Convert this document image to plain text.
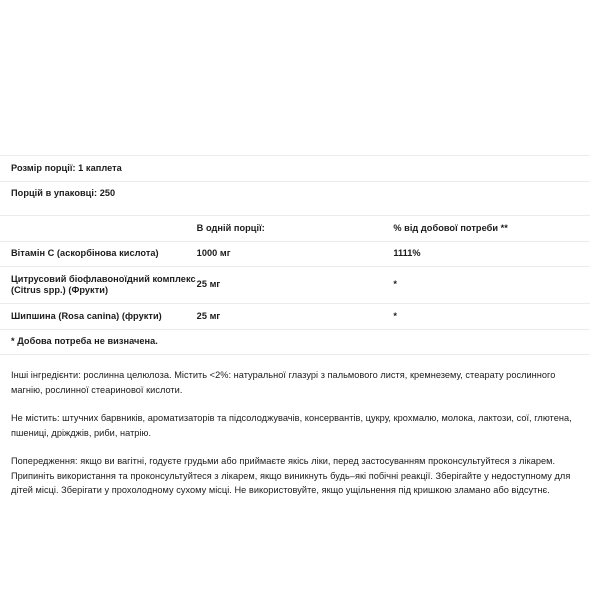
Розмір порції: 1 каплета		
Порцій в упаковці: 250		

	В одній порції:	% від добової потреби **
Вітамін С (аскорбінова кислота)	1000 мг	1111%
Цитрусовий біофлавоноїдний комплекс (Citrus spp.) (Фрукти)	25 мг	*
Шипшина (Rosa canina) (фрукти)	25 мг	*
* Добова потреба не визначена.		

Інші інгредієнти: рослинна целюлоза. Містить <2%: натуральної глазурі з пальмового листя, кремнезему, стеарату рослинного магнію, рослинної стеаринової кислоти.

Не містить: штучних барвників, ароматизаторів та підсолоджувачів, консервантів, цукру, крохмалю, молока, лактози, сої, глютена, пшениці, дріжджів, риби, натрію.

Попередження: якщо ви вагітні, годуєте грудьми або приймаєте якісь ліки, перед застосуванням проконсультуйтеся з лікарем. Припиніть використання та проконсультуйтеся з лікарем, якщо виникнуть будь–які побічні реакції. Зберігайте у недоступному для дітей місці. Зберігати у прохолодному сухому місці. Не використовуйте, якщо ущільнення під кришкою зламано або відсутнє.
